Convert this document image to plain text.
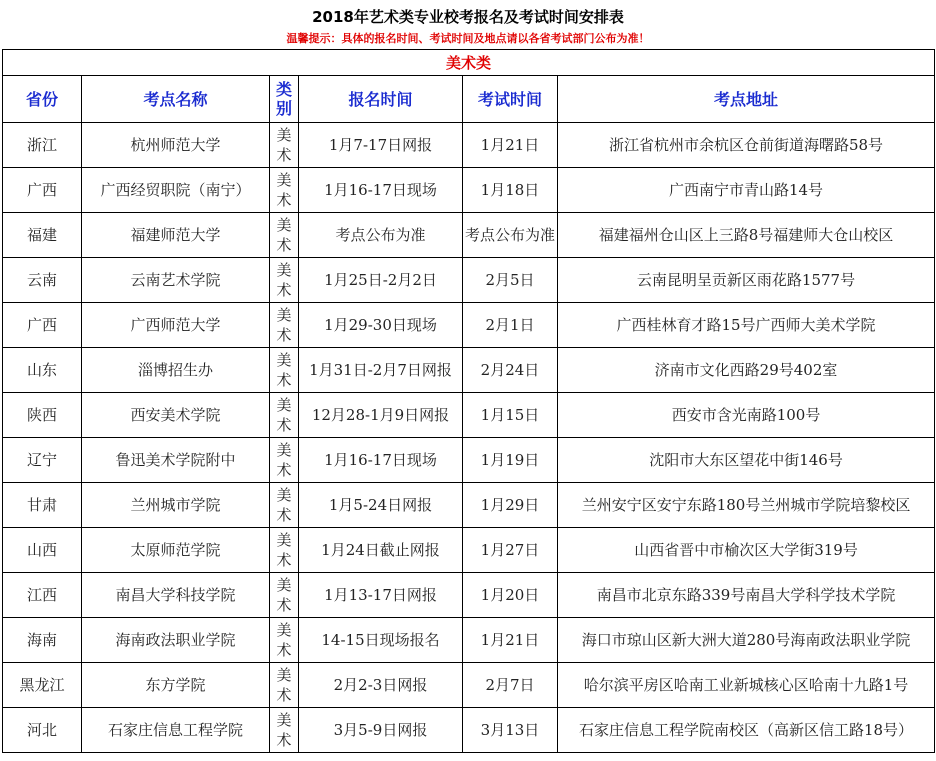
2018年艺术类专业校考报名及考试时间安排表
温馨提示：具体的报名时间、考试时间及地点请以各省考试部门公布为准！
美术类					
省份	考点名称	类别	报名时间	考试时间	考点地址
浙江	杭州师范大学	美术	1月7-17日网报	1月21日	浙江省杭州市余杭区仓前街道海曙路58号
广西	广西经贸职院（南宁）	美术	1月16-17日现场	1月18日	广西南宁市青山路14号
福建	福建师范大学	美术	考点公布为准	考点公布为准	福建福州仓山区上三路8号福建师大仓山校区
云南	云南艺术学院	美术	1月25日-2月2日	2月5日	云南昆明呈贡新区雨花路1577号
广西	广西师范大学	美术	1月29-30日现场	2月1日	广西桂林育才路15号广西师大美术学院
山东	淄博招生办	美术	1月31日-2月7日网报	2月24日	济南市文化西路29号402室
陕西	西安美术学院	美术	12月28-1月9日网报	1月15日	西安市含光南路100号
辽宁	鲁迅美术学院附中	美术	1月16-17日现场	1月19日	沈阳市大东区望花中街146号
甘肃	兰州城市学院	美术	1月5-24日网报	1月29日	兰州安宁区安宁东路180号兰州城市学院培黎校区
山西	太原师范学院	美术	1月24日截止网报	1月27日	山西省晋中市榆次区大学街319号
江西	南昌大学科技学院	美术	1月13-17日网报	1月20日	南昌市北京东路339号南昌大学科学技术学院
海南	海南政法职业学院	美术	14-15日现场报名	1月21日	海口市琼山区新大洲大道280号海南政法职业学院
黑龙江	东方学院	美术	2月2-3日网报	2月7日	哈尔滨平房区哈南工业新城核心区哈南十九路1号
河北	石家庄信息工程学院	美术	3月5-9日网报	3月13日	石家庄信息工程学院南校区（高新区信工路18号）
